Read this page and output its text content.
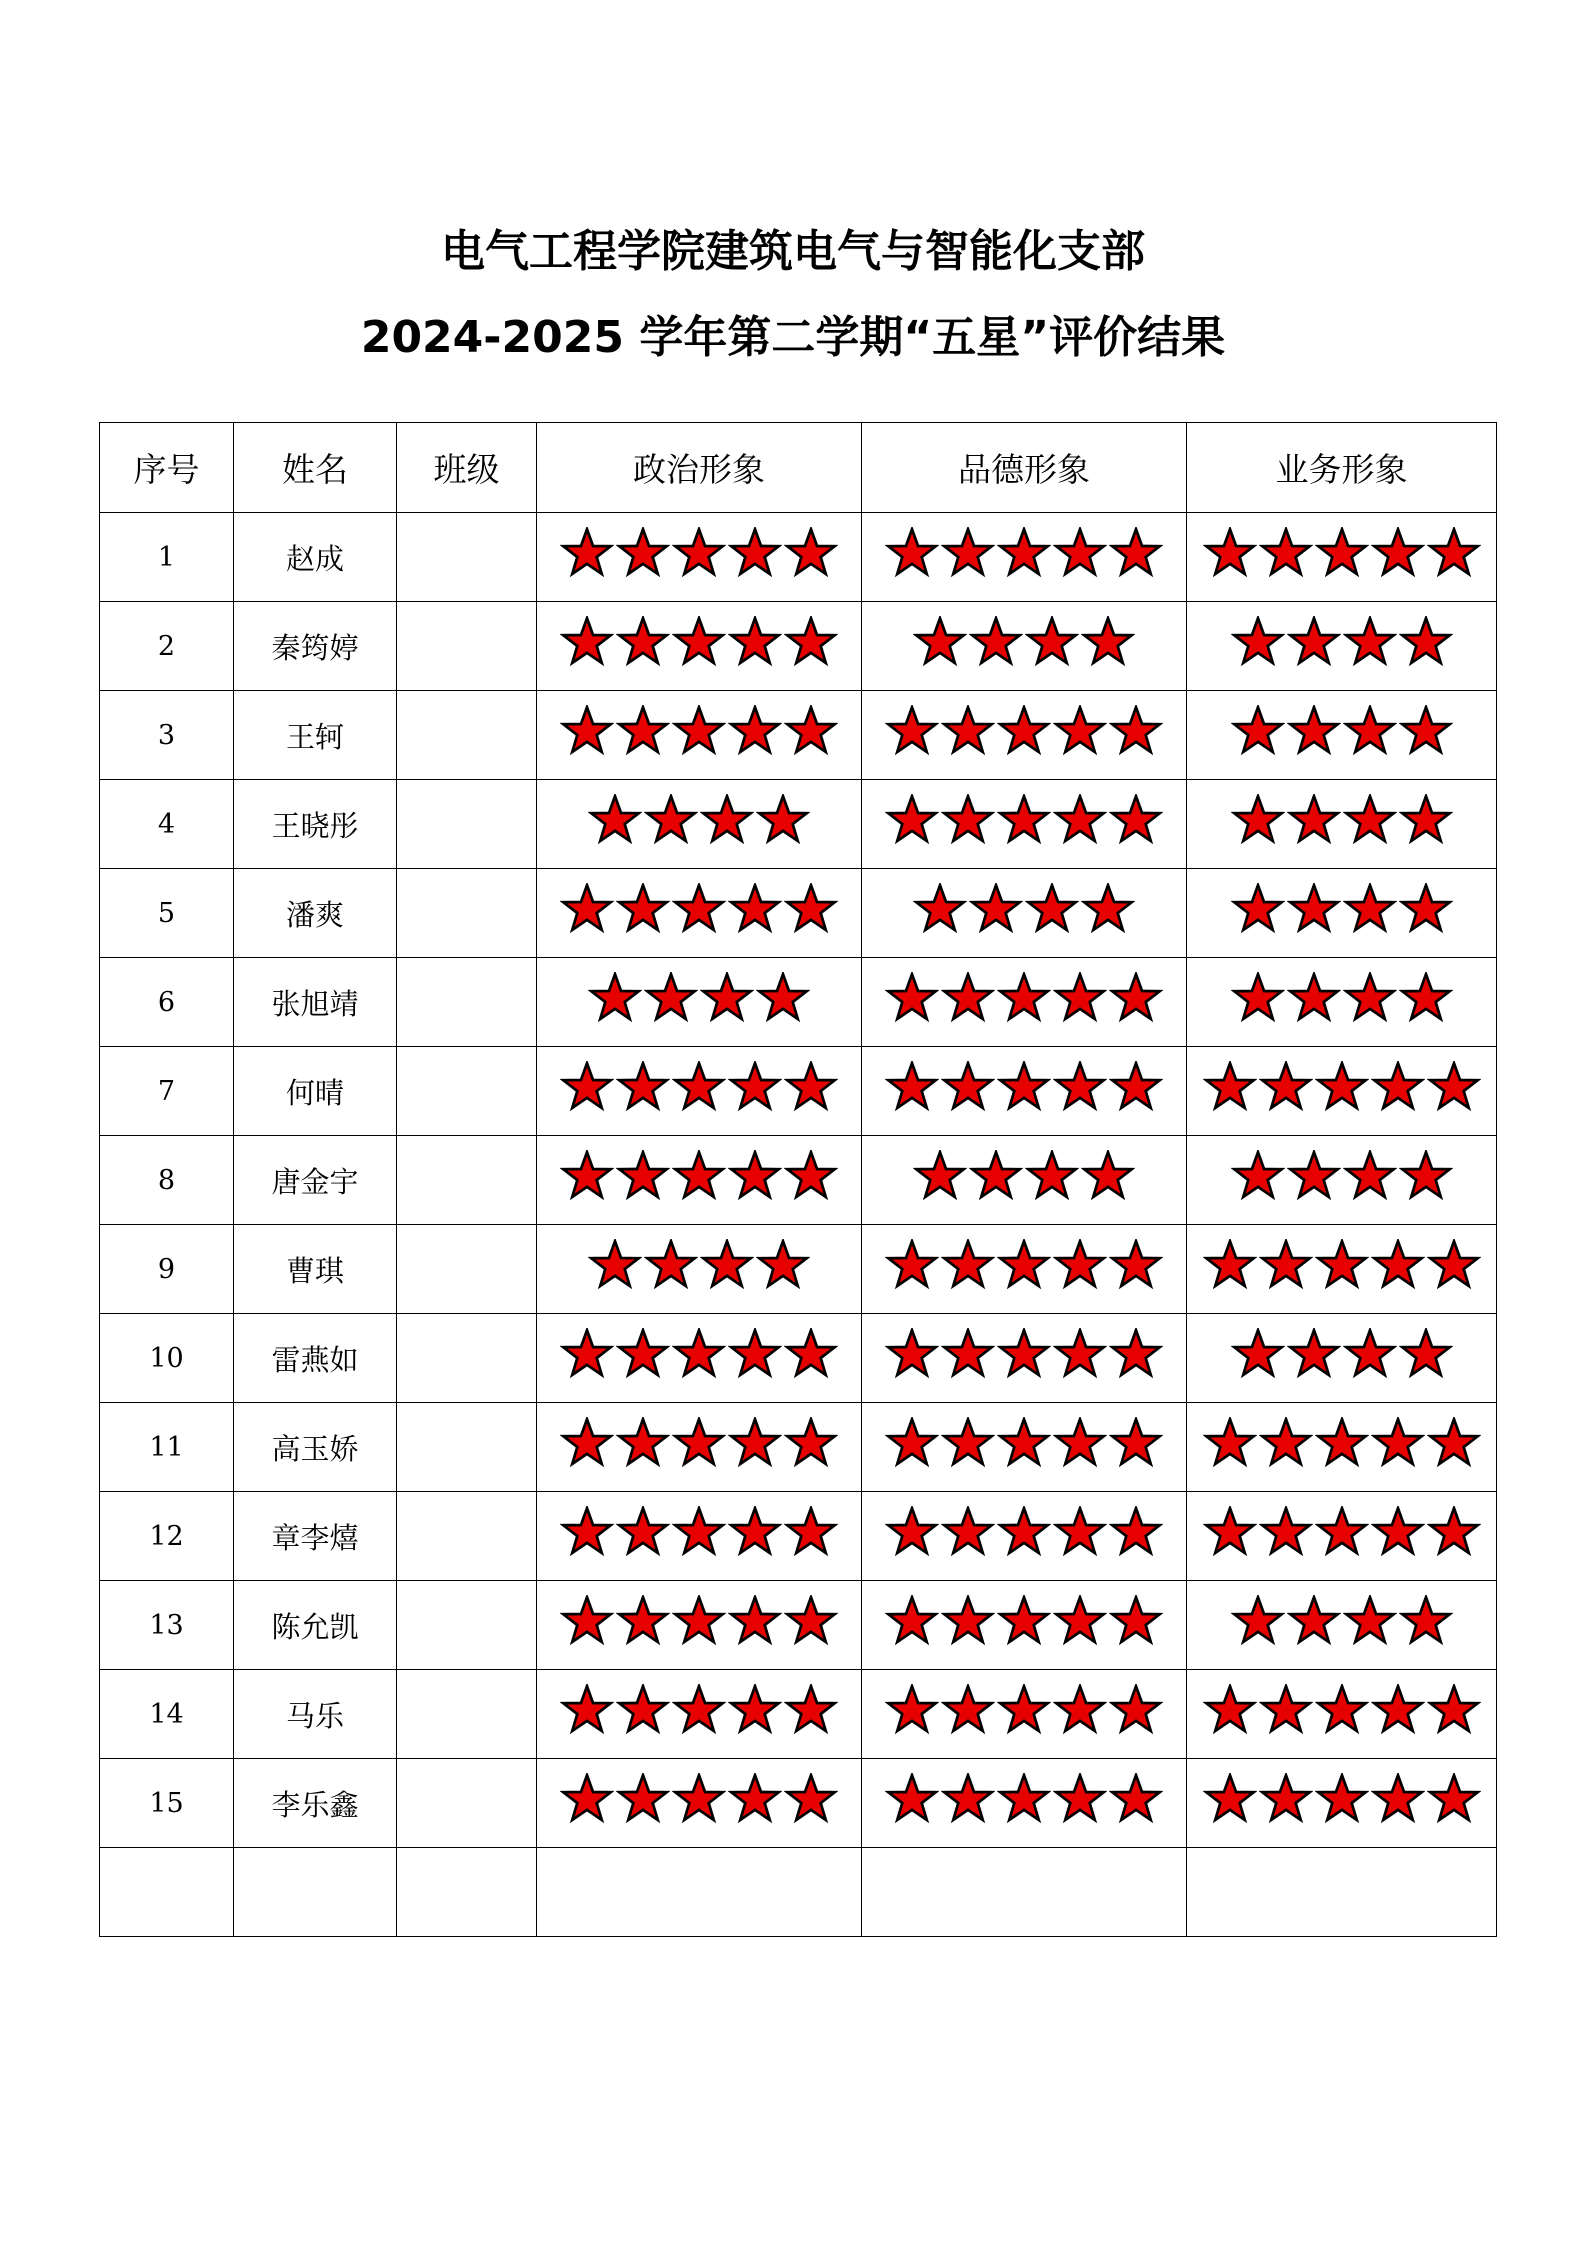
电气工程学院建筑电气与智能化支部
2024-2025 学年第二学期“五星”评价结果
序号	姓名	班级	政治形象	品德形象	业务形象
1	赵成		

2	秦筠婷		

3	王轲		

4	王晓彤		

5	潘爽		

6	张旭靖		

7	何晴		

8	唐金宇		

9	曹琪		

10	雷燕如		

11	高玉娇		

12	章李熺		

13	陈允凯		

14	马乐		

15	李乐鑫		
